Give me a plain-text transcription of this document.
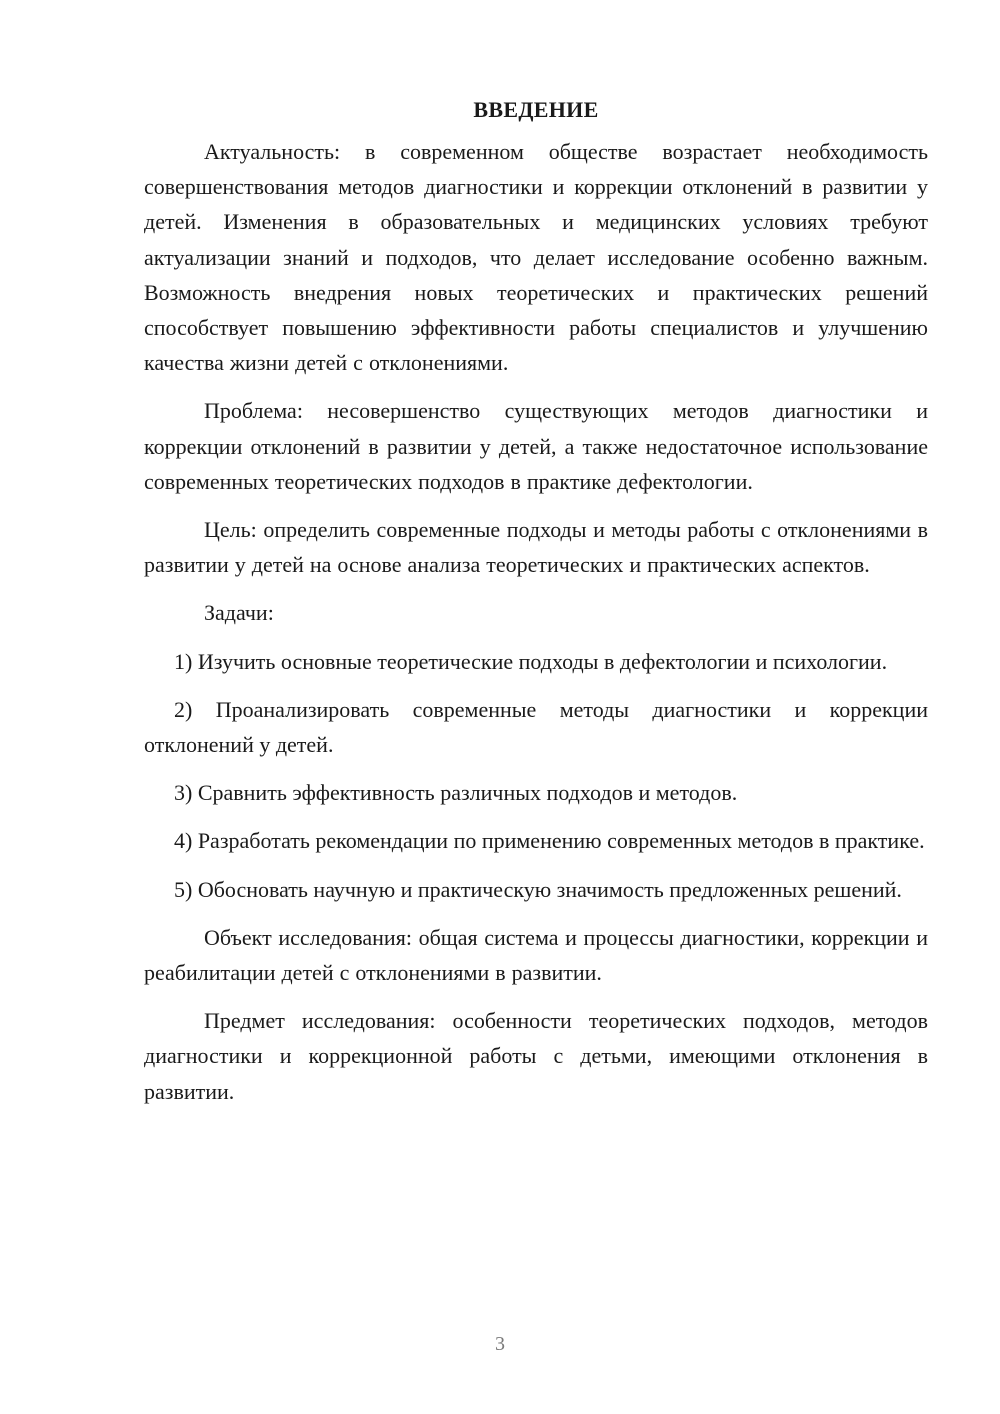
ВВЕДЕНИЕ

Актуальность: в современном обществе возрастает необходимость совершенствования методов диагностики и коррекции отклонений в развитии у детей. Изменения в образовательных и медицинских условиях требуют актуализации знаний и подходов, что делает исследование особенно важным. Возможность внедрения новых теоретических и практических решений способствует повышению эффективности работы специалистов и улучшению качества жизни детей с отклонениями.

Проблема: несовершенство существующих методов диагностики и коррекции отклонений в развитии у детей, а также недостаточное использование современных теоретических подходов в практике дефектологии.

Цель: определить современные подходы и методы работы с отклонениями в развитии у детей на основе анализа теоретических и практических аспектов.

Задачи:

1) Изучить основные теоретические подходы в дефектологии и психологии.

2) Проанализировать современные методы диагностики и коррекции отклонений у детей.

3) Сравнить эффективность различных подходов и методов.

4) Разработать рекомендации по применению современных методов в практике.

5) Обосновать научную и практическую значимость предложенных решений.

Объект исследования: общая система и процессы диагностики, коррекции и реабилитации детей с отклонениями в развитии.

Предмет исследования: особенности теоретических подходов, методов диагностики и коррекционной работы с детьми, имеющими отклонения в развитии.

3
